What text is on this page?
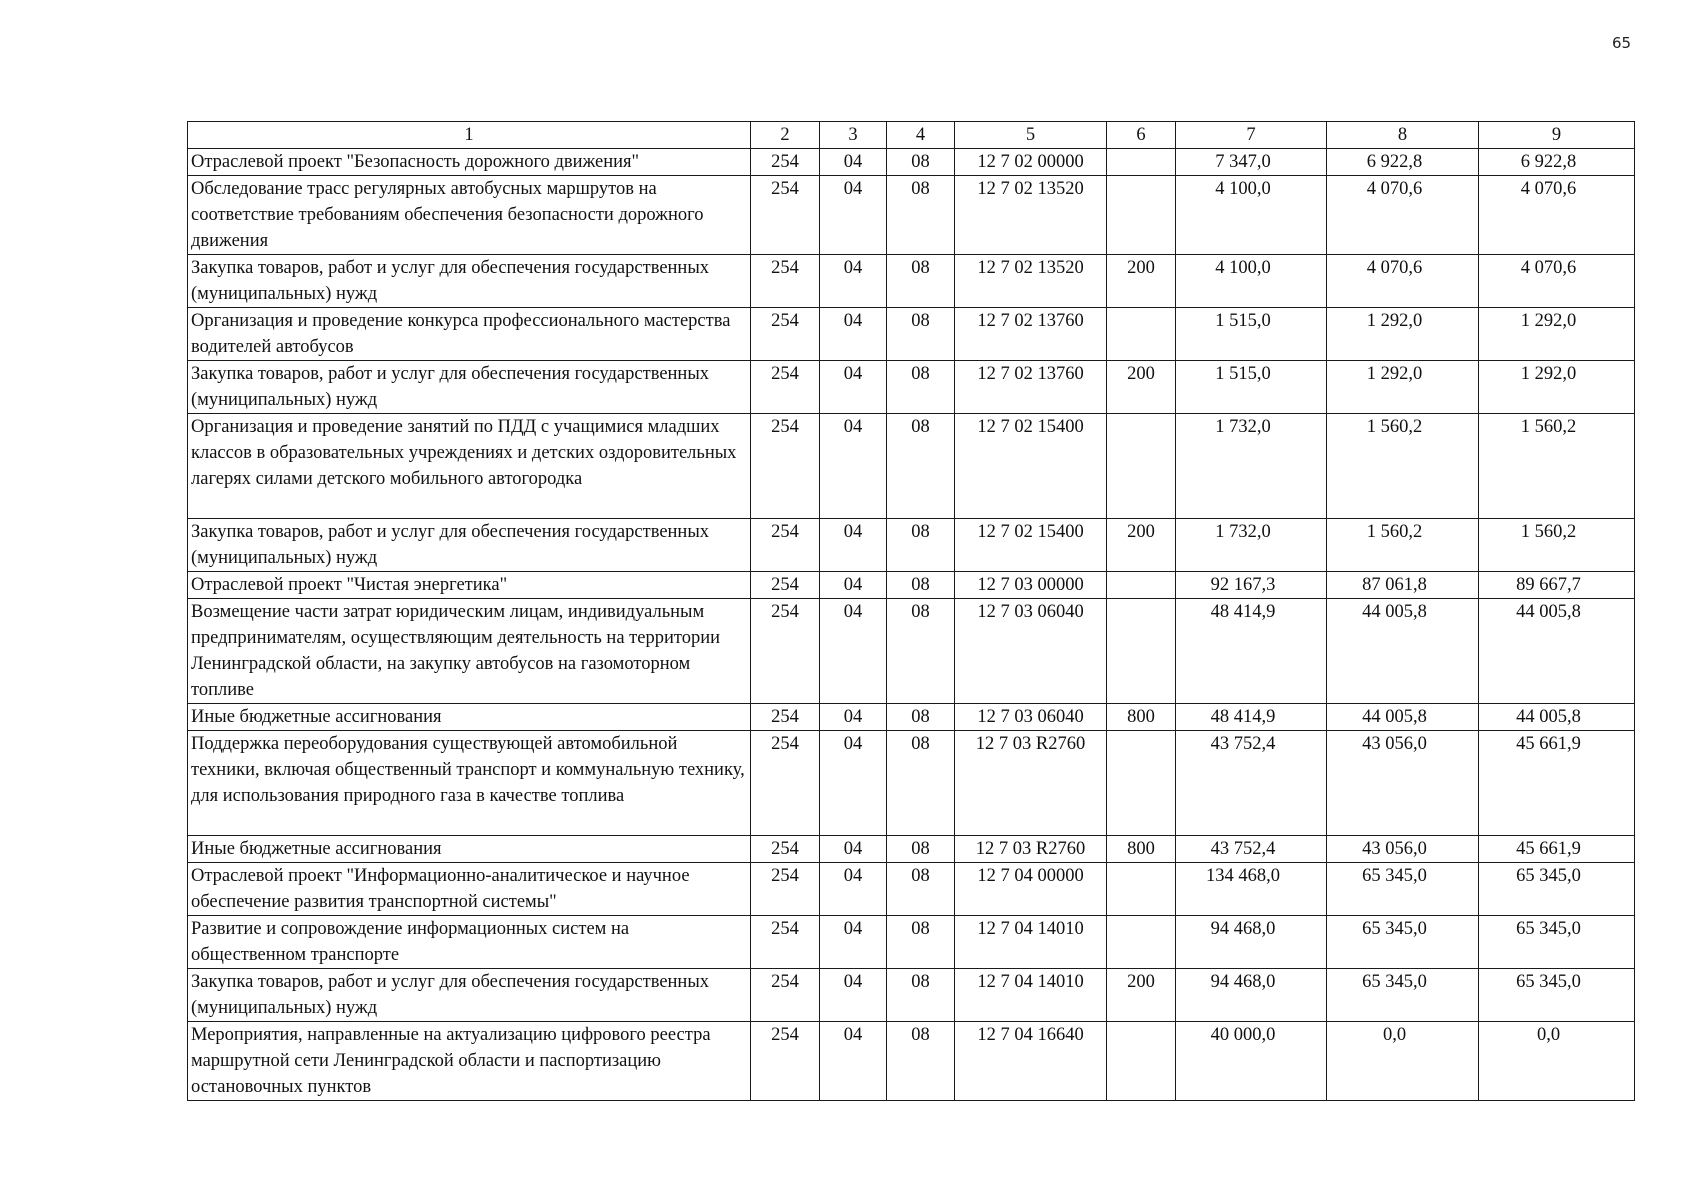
65
1	2	3	4	5	6	7	8	9
Отраслевой проект "Безопасность дорожного движения"	254	04	08	12 7 02 00000		7 347,0	6 922,8	6 922,8
Обследование трасс регулярных автобусных маршрутов на соответствие требованиям обеспечения безопасности дорожного движения	254	04	08	12 7 02 13520		4 100,0	4 070,6	4 070,6
Закупка товаров, работ и услуг для обеспечения государственных (муниципальных) нужд	254	04	08	12 7 02 13520	200	4 100,0	4 070,6	4 070,6
Организация и проведение конкурса профессионального мастерства водителей автобусов	254	04	08	12 7 02 13760		1 515,0	1 292,0	1 292,0
Закупка товаров, работ и услуг для обеспечения государственных (муниципальных) нужд	254	04	08	12 7 02 13760	200	1 515,0	1 292,0	1 292,0
Организация и проведение занятий по ПДД с учащимися младших классов в образовательных учреждениях и детских оздоровительных лагерях силами детского мобильного автогородка	254	04	08	12 7 02 15400		1 732,0	1 560,2	1 560,2
Закупка товаров, работ и услуг для обеспечения государственных (муниципальных) нужд	254	04	08	12 7 02 15400	200	1 732,0	1 560,2	1 560,2
Отраслевой проект "Чистая энергетика"	254	04	08	12 7 03 00000		92 167,3	87 061,8	89 667,7
Возмещение части затрат юридическим лицам, индивидуальным предпринимателям, осуществляющим деятельность на территории Ленинградской области, на закупку автобусов на газомоторном топливе	254	04	08	12 7 03 06040		48 414,9	44 005,8	44 005,8
Иные бюджетные ассигнования	254	04	08	12 7 03 06040	800	48 414,9	44 005,8	44 005,8
Поддержка переоборудования существующей автомобильной техники, включая общественный транспорт и коммунальную технику, для использования природного газа в качестве топлива	254	04	08	12 7 03 R2760		43 752,4	43 056,0	45 661,9
Иные бюджетные ассигнования	254	04	08	12 7 03 R2760	800	43 752,4	43 056,0	45 661,9
Отраслевой проект "Информационно-аналитическое и научное обеспечение развития транспортной системы"	254	04	08	12 7 04 00000		134 468,0	65 345,0	65 345,0
Развитие и сопровождение информационных систем на общественном транспорте	254	04	08	12 7 04 14010		94 468,0	65 345,0	65 345,0
Закупка товаров, работ и услуг для обеспечения государственных (муниципальных) нужд	254	04	08	12 7 04 14010	200	94 468,0	65 345,0	65 345,0
Мероприятия, направленные на актуализацию цифрового реестра маршрутной сети Ленинградской области и паспортизацию остановочных пунктов	254	04	08	12 7 04 16640		40 000,0	0,0	0,0
